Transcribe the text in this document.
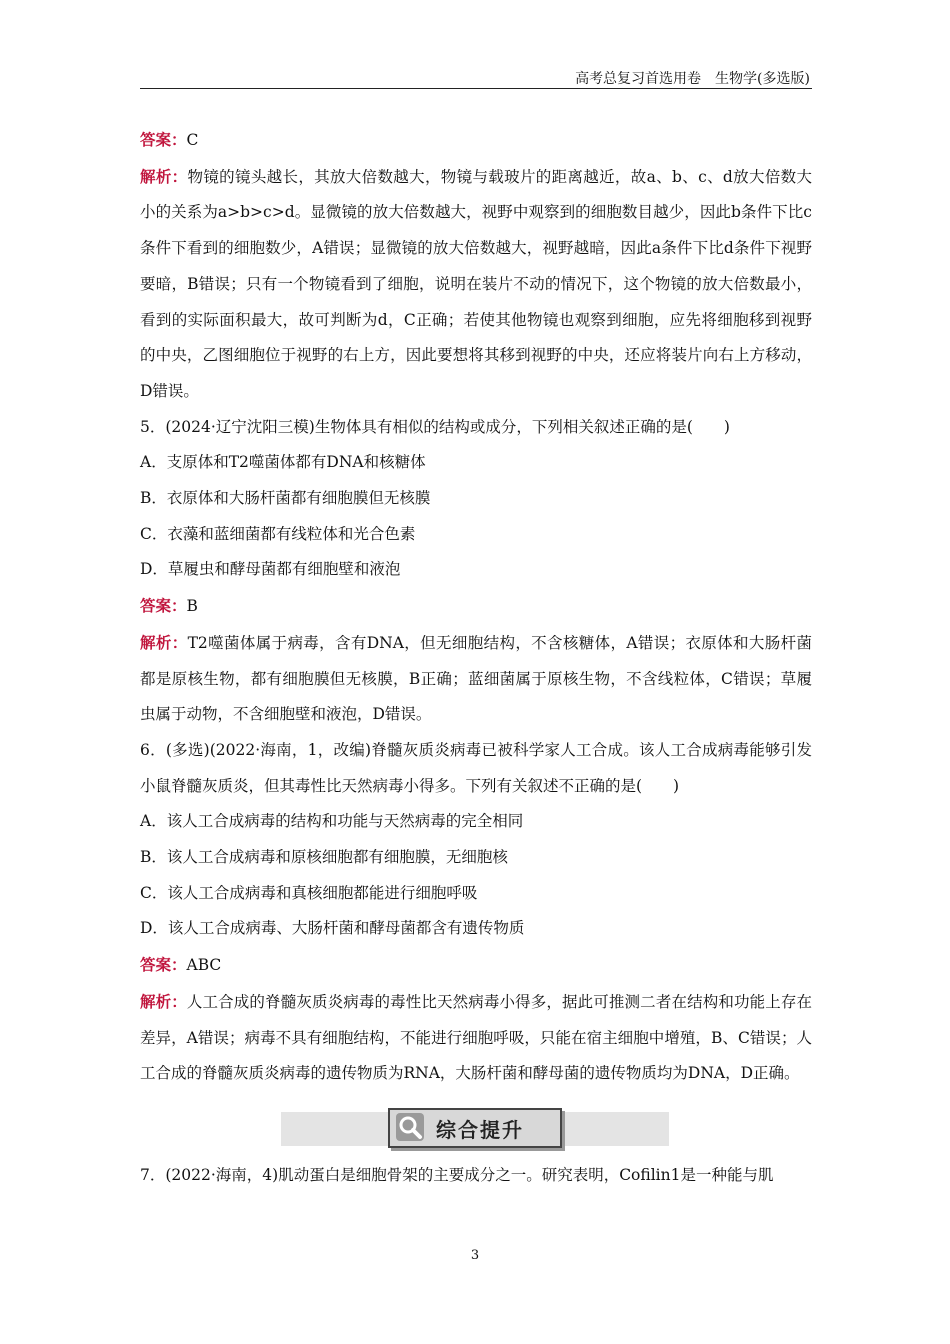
高考总复习首选用卷　生物学(多选版)

答案：C

解析：物镜的镜头越长，其放大倍数越大，物镜与载玻片的距离越近，故a、b、c、d放大倍数大小的关系为a>b>c>d。显微镜的放大倍数越大，视野中观察到的细胞数目越少，因此b条件下比c条件下看到的细胞数少，A错误；显微镜的放大倍数越大，视野越暗，因此a条件下比d条件下视野要暗，B错误；只有一个物镜看到了细胞，说明在装片不动的情况下，这个物镜的放大倍数最小，看到的实际面积最大，故可判断为d，C正确；若使其他物镜也观察到细胞，应先将细胞移到视野的中央，乙图细胞位于视野的右上方，因此要想将其移到视野的中央，还应将装片向右上方移动，D错误。

5．(2024·辽宁沈阳三模)生物体具有相似的结构或成分，下列相关叙述正确的是(　　)

A．支原体和T2噬菌体都有DNA和核糖体

B．衣原体和大肠杆菌都有细胞膜但无核膜

C．衣藻和蓝细菌都有线粒体和光合色素

D．草履虫和酵母菌都有细胞壁和液泡

答案：B

解析：T2噬菌体属于病毒，含有DNA，但无细胞结构，不含核糖体，A错误；衣原体和大肠杆菌都是原核生物，都有细胞膜但无核膜，B正确；蓝细菌属于原核生物，不含线粒体，C错误；草履虫属于动物，不含细胞壁和液泡，D错误。

6．(多选)(2022·海南，1，改编)脊髓灰质炎病毒已被科学家人工合成。该人工合成病毒能够引发小鼠脊髓灰质炎，但其毒性比天然病毒小得多。下列有关叙述不正确的是(　　)

A．该人工合成病毒的结构和功能与天然病毒的完全相同

B．该人工合成病毒和原核细胞都有细胞膜，无细胞核

C．该人工合成病毒和真核细胞都能进行细胞呼吸

D．该人工合成病毒、大肠杆菌和酵母菌都含有遗传物质

答案：ABC

解析：人工合成的脊髓灰质炎病毒的毒性比天然病毒小得多，据此可推测二者在结构和功能上存在差异，A错误；病毒不具有细胞结构，不能进行细胞呼吸，只能在宿主细胞中增殖，B、C错误；人工合成的脊髓灰质炎病毒的遗传物质为RNA，大肠杆菌和酵母菌的遗传物质均为DNA，D正确。

综合提升

7．(2022·海南，4)肌动蛋白是细胞骨架的主要成分之一。研究表明，Cofilin1是一种能与肌

3
